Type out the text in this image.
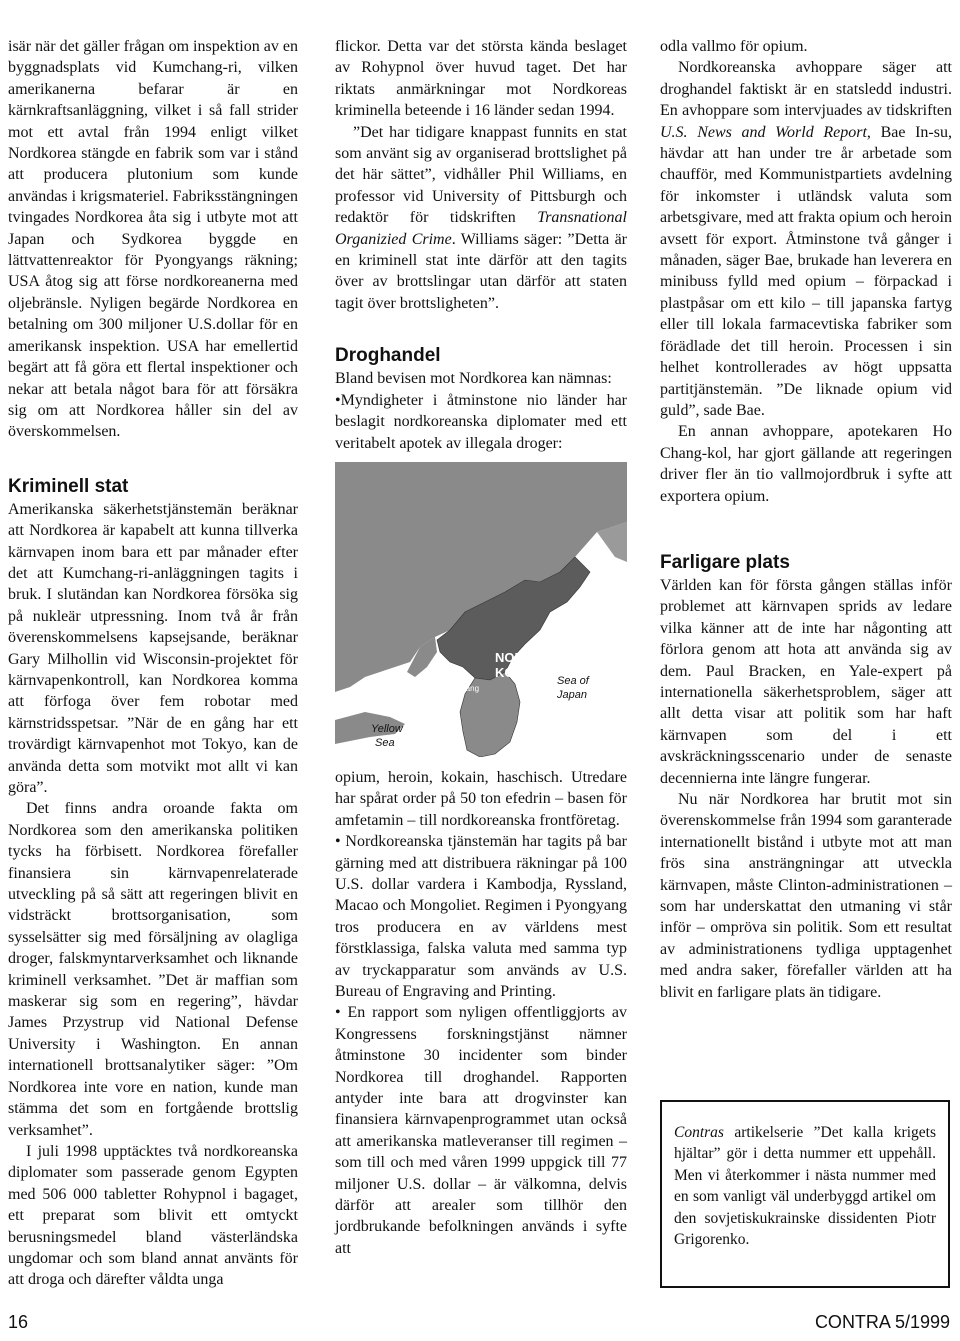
isär när det gäller frågan om inspektion av en byggnadsplats vid Kumchang-ri, vilken amerikanerna befarar är en kärnkraftsanläggning, vilket i så fall strider mot ett avtal från 1994 enligt vilket Nordkorea stängde en fabrik som var i stånd att producera plutonium som kunde användas i krigsmateriel. Fabriksstängningen tvingades Nordkorea åta sig i utbyte mot att Japan och Sydkorea byggde en lättvattenreaktor för Pyongyangs räkning; USA åtog sig att förse nordkoreanerna med oljebränsle. Nyligen begärde Nordkorea en betalning om 300 miljoner U.S.dollar för en amerikansk inspektion. USA har emellertid begärt att få göra ett flertal inspektioner och nekar att betala något bara för att försäkra sig om att Nordkorea håller sin del av överskommelsen.

Kriminell stat

Amerikanska säkerhetstjänstemän beräknar att Nordkorea är kapabelt att kunna tillverka kärnvapen inom bara ett par månader efter det att Kumchang-ri-anläggningen tagits i bruk. I slutändan kan Nordkorea försöka sig på nukleär utpressning. Inom två år från överenskommelsens kapsejsande, beräknar Gary Milhollin vid Wisconsin-projektet för kärnvapenkontroll, kan Nordkorea komma att förfoga över fem robotar med kärnstridsspetsar. ”När de en gång har ett trovärdigt kärnvapenhot mot Tokyo, kan de använda detta som motvikt mot allt vi kan göra”.

Det finns andra oroande fakta om Nordkorea som den amerikanska politiken tycks ha förbisett. Nordkorea förefaller finansiera sin kärnvapenrelaterade utveckling på så sätt att regeringen blivit en vidsträckt brottsorganisation, som sysselsätter sig med försäljning av olagliga droger, falskmyntarverksamhet och liknande kriminell verksamhet. ”Det är maffian som maskerar sig som en regering”, hävdar James Przystrup vid National Defense University i Washington. En annan internationell brottsanalytiker säger: ”Om Nordkorea inte vore en nation, kunde man stämma det som en fortgående brottslig verksamhet”.

I juli 1998 upptäcktes två nordkoreanska diplomater som passerade genom Egypten med 506 000 tabletter Rohypnol i bagaget, ett preparat som blivit ett omtyckt berusningsmedel bland västerländska ungdomar och som bland annat använts för att droga och därefter våldta unga

flickor. Detta var det största kända beslaget av Rohypnol över huvud taget. Det har riktats anmärkningar mot Nordkoreas kriminella beteende i 16 länder sedan 1994.

”Det har tidigare knappast funnits en stat som använt sig av organiserad brottslighet på det här sättet”, vidhåller Phil Williams, en professor vid University of Pittsburgh och redaktör för tidskriften Transnational Organizied Crime. Williams säger: ”Detta är en kriminell stat inte därför att den tagits över av brottslingar utan därför att staten tagit över brottsligheten”.

Droghandel

Bland bevisen mot Nordkorea kan nämnas:

•Myndigheter i åtminstone nio länder har beslagit nordkoreanska diplomater med ett veritabelt apotek av illegala droger:

NORTH
KOREA
Pyongyang
Sea of
Japan
Yellow
Sea

opium, heroin, kokain, haschisch. Utredare har spårat order på 50 ton efedrin – basen för amfetamin – till nordkoreanska frontföretag.

• Nordkoreanska tjänstemän har tagits på bar gärning med att distribuera räkningar på 100 U.S. dollar vardera i Kambodja, Ryssland, Macao och Mongoliet. Regimen i Pyongyang tros producera en av världens mest förstklassiga, falska valuta med samma typ av tryckapparatur som används av U.S. Bureau of Engraving and Printing.

• En rapport som nyligen offentliggjorts av Kongressens forskningstjänst nämner åtminstone 30 incidenter som binder Nordkorea till droghandel. Rapporten antyder inte bara att drogvinster kan finansiera kärnvapenprogrammet utan också att amerikanska matleveranser till regimen – som till och med våren 1999 uppgick till 77 miljoner U.S. dollar – är välkomna, delvis därför att arealer som tillhör den jordbrukande befolkningen används i syfte att

odla vallmo för opium.

Nordkoreanska avhoppare säger att droghandel faktiskt är en statsledd industri. En avhoppare som intervjuades av tidskriften U.S. News and World Report, Bae In-su, hävdar att han under tre år arbetade som chaufför, med Kommunistpartiets avdelning för inkomster i utländsk valuta som arbetsgivare, med att frakta opium och heroin avsett för export. Åtminstone två gånger i månaden, säger Bae, brukade han leverera en minibuss fylld med opium – förpackad i plastpåsar om ett kilo – till japanska fartyg eller till lokala farmacevtiska fabriker som förädlade det till heroin. Processen i sin helhet kontrollerades av högt uppsatta partitjänstemän. ”De liknade opium vid guld”, sade Bae.

En annan avhoppare, apotekaren Ho Chang-kol, har gjort gällande att regeringen driver fler än tio vallmojordbruk i syfte att exportera opium.

Farligare plats

Världen kan för första gången ställas inför problemet att kärnvapen sprids av ledare vilka känner att de inte har någonting att förlora genom att hota att använda sig av dem. Paul Bracken, en Yale-expert på internationella säkerhetsproblem, säger att allt detta visar att politik som har haft kärnvapen som del i ett avskräckningsscenario under de senaste decennierna inte längre fungerar.

Nu när Nordkorea har brutit mot sin överenskommelse från 1994 som garanterade internationellt bistånd i utbyte mot att man frös sina ansträngningar att utveckla kärnvapen, måste Clinton-administrationen – som har underskattat den utmaning vi står inför – ompröva sin politik. Som ett resultat av administrationens tydliga upptagenhet med andra saker, förefaller världen att ha blivit en farligare plats än tidigare.

Contras artikelserie ”Det kalla krigets hjältar” gör i detta nummer ett uppehåll. Men vi återkommer i nästa nummer med en som vanligt väl underbyggd artikel om den sovjetiskukrainske dissidenten Piotr Grigorenko.
16	CONTRA 5/1999
